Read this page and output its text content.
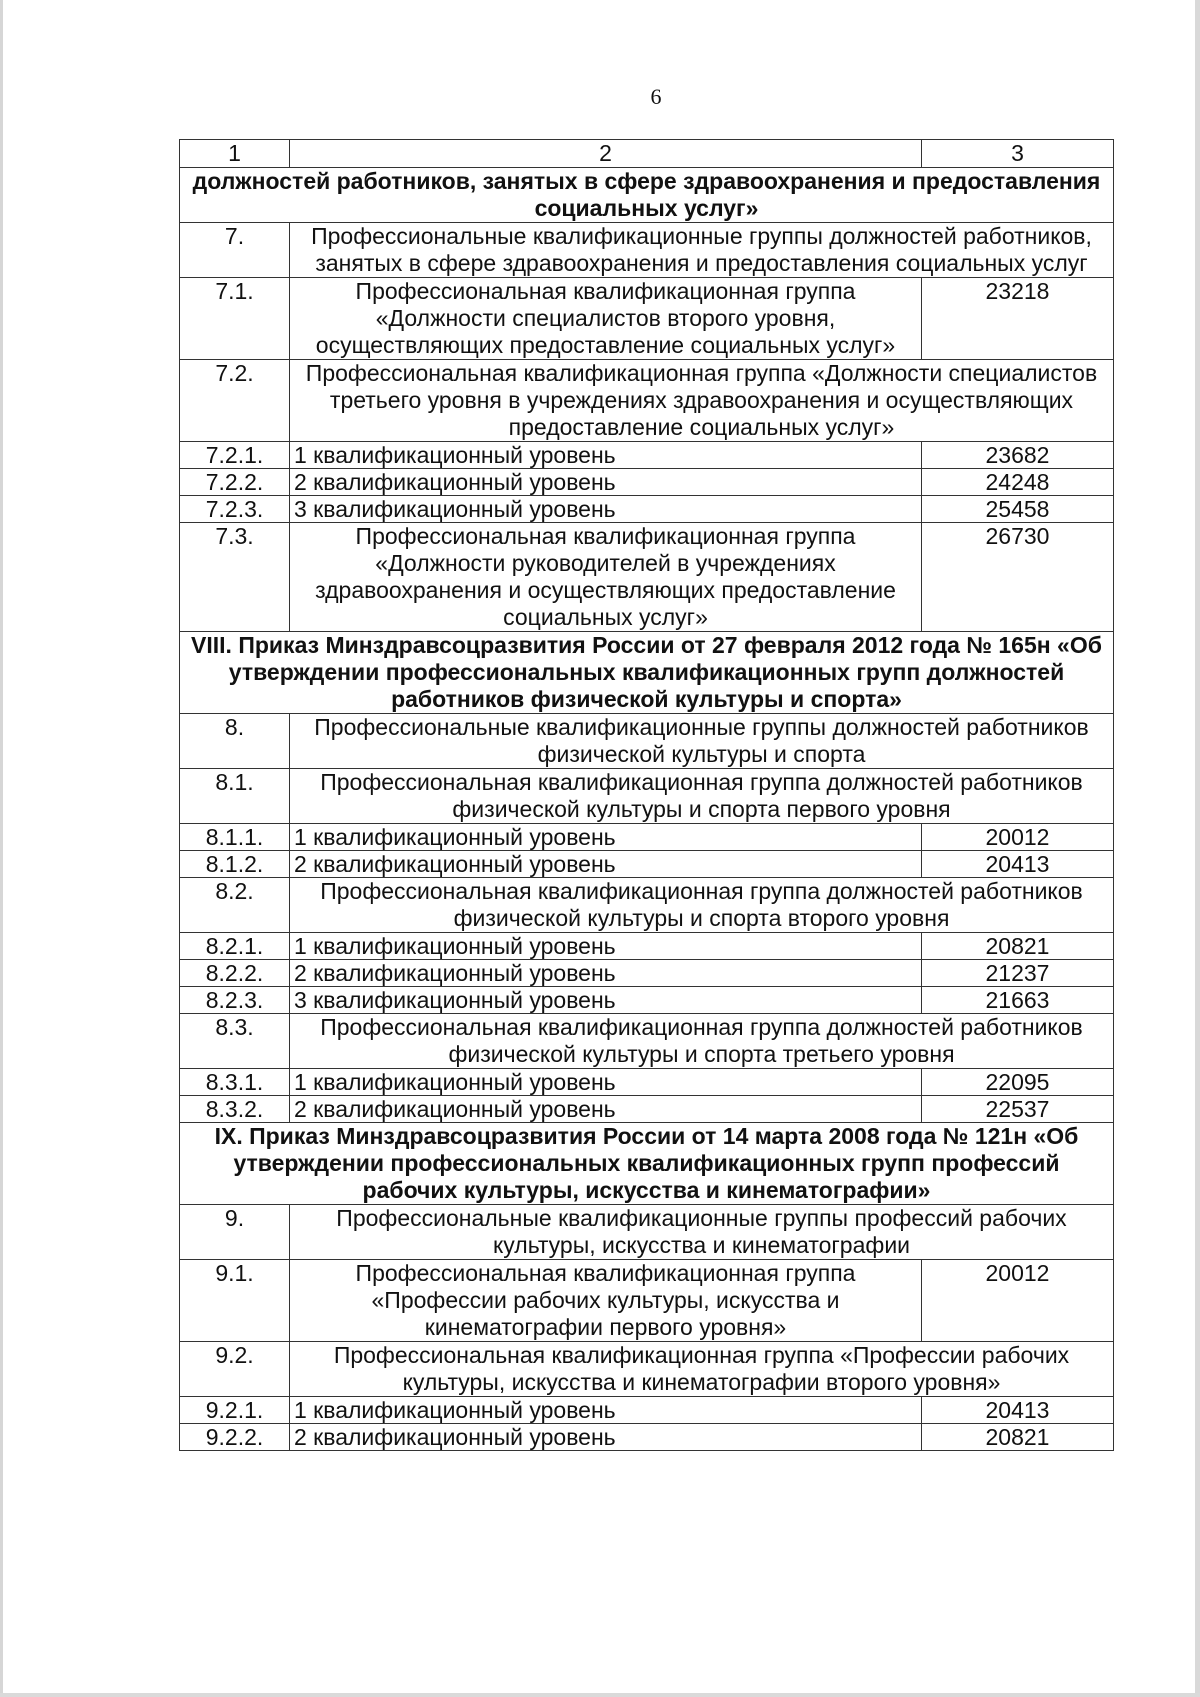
6
1	2	3
должностей работников, занятых в сфере здравоохранения и предоставления социальных услуг»		
7.	Профессиональные квалификационные группы должностей работников, занятых в сфере здравоохранения и предоставления социальных услуг	
7.1.	Профессиональная квалификационная группа «Должности специалистов второго уровня, осуществляющих предоставление социальных услуг»	23218
7.2.	Профессиональная квалификационная группа «Должности специалистов третьего уровня в учреждениях здравоохранения и осуществляющих предоставление социальных услуг»	
7.2.1.	1 квалификационный уровень	23682
7.2.2.	2 квалификационный уровень	24248
7.2.3.	3 квалификационный уровень	25458
7.3.	Профессиональная квалификационная группа «Должности руководителей в учреждениях здравоохранения и осуществляющих предоставление социальных услуг»	26730
VIII. Приказ Минздравсоцразвития России от 27 февраля 2012 года № 165н «Об утверждении профессиональных квалификационных групп должностей работников физической культуры и спорта»		
8.	Профессиональные квалификационные группы должностей работников физической культуры и спорта	
8.1.	Профессиональная квалификационная группа должностей работников физической культуры и спорта первого уровня	
8.1.1.	1 квалификационный уровень	20012
8.1.2.	2 квалификационный уровень	20413
8.2.	Профессиональная квалификационная группа должностей работников физической культуры и спорта второго уровня	
8.2.1.	1 квалификационный уровень	20821
8.2.2.	2 квалификационный уровень	21237
8.2.3.	3 квалификационный уровень	21663
8.3.	Профессиональная квалификационная группа должностей работников физической культуры и спорта третьего уровня	
8.3.1.	1 квалификационный уровень	22095
8.3.2.	2 квалификационный уровень	22537
IX. Приказ Минздравсоцразвития России от 14 марта 2008 года № 121н «Об утверждении профессиональных квалификационных групп профессий рабочих культуры, искусства и кинематографии»		
9.	Профессиональные квалификационные группы профессий рабочих культуры, искусства и кинематографии	
9.1.	Профессиональная квалификационная группа «Профессии рабочих культуры, искусства и кинематографии первого уровня»	20012
9.2.	Профессиональная квалификационная группа «Профессии рабочих культуры, искусства и кинематографии второго уровня»	
9.2.1.	1 квалификационный уровень	20413
9.2.2.	2 квалификационный уровень	20821
